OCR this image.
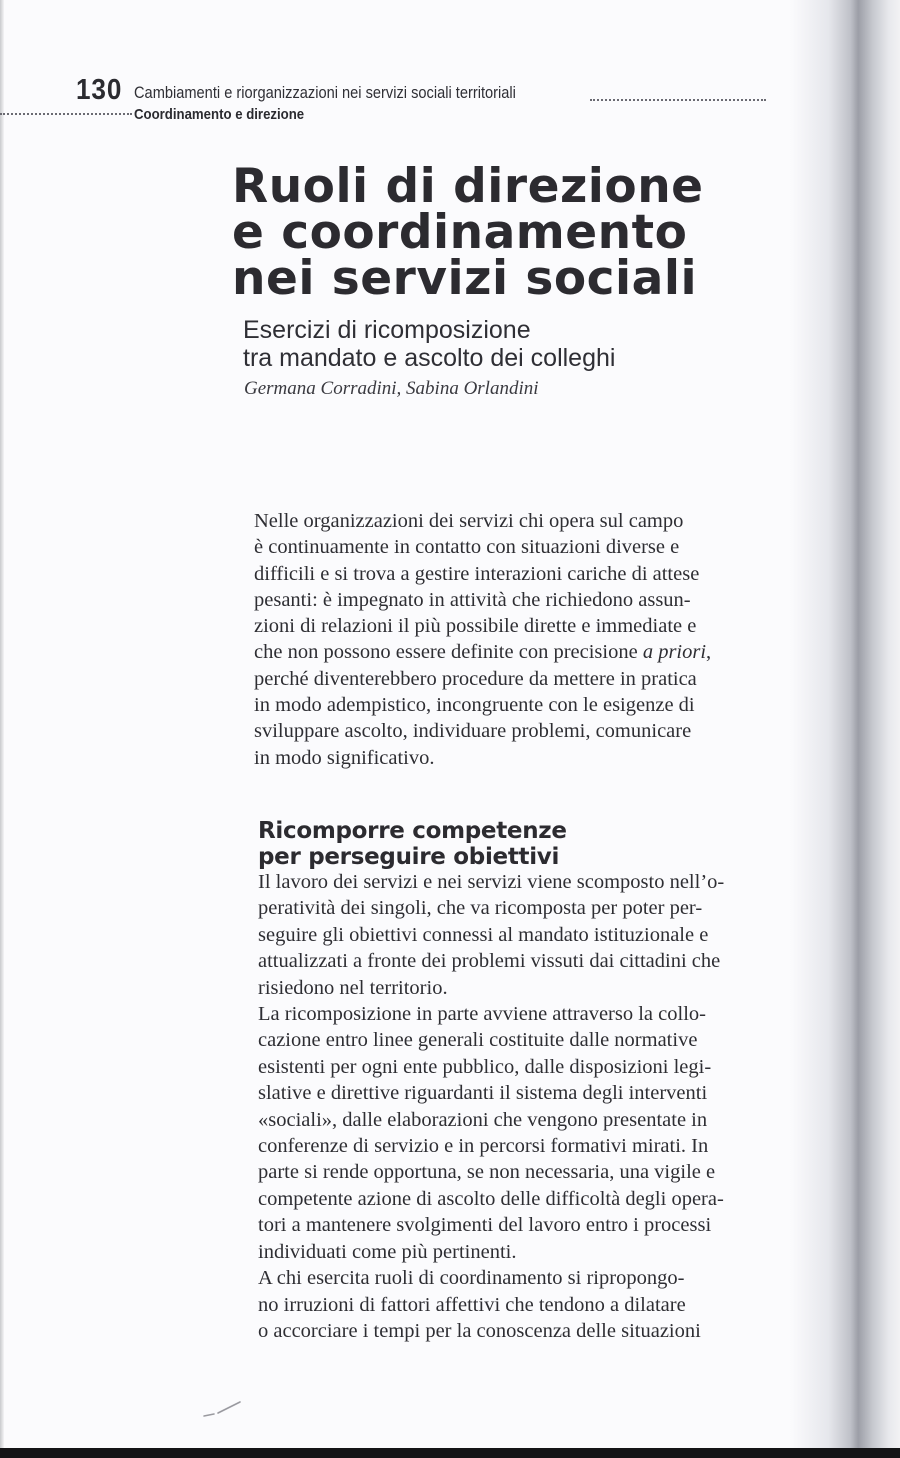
130 Cambiamenti e riorganizzazioni nei servizi sociali territoriali
Coordinamento e direzione
Ruoli di direzione
e coordinamento
nei servizi sociali
Esercizi di ricomposizione
tra mandato e ascolto dei colleghi
Germana Corradini, Sabina Orlandini
Nelle organizzazioni dei servizi chi opera sul campo
è continuamente in contatto con situazioni diverse e
difficili e si trova a gestire interazioni cariche di attese
pesanti: è impegnato in attività che richiedono assun-
zioni di relazioni il più possibile dirette e immediate e
che non possono essere definite con precisione a priori,
perché diventerebbero procedure da mettere in pratica
in modo adempistico, incongruente con le esigenze di
sviluppare ascolto, individuare problemi, comunicare
in modo significativo.
Ricomporre competenze
per perseguire obiettivi
Il lavoro dei servizi e nei servizi viene scomposto nell’o-
peratività dei singoli, che va ricomposta per poter per-
seguire gli obiettivi connessi al mandato istituzionale e
attualizzati a fronte dei problemi vissuti dai cittadini che
risiedono nel territorio.
La ricomposizione in parte avviene attraverso la collo-
cazione entro linee generali costituite dalle normative
esistenti per ogni ente pubblico, dalle disposizioni legi-
slative e direttive riguardanti il sistema degli interventi
«sociali», dalle elaborazioni che vengono presentate in
conferenze di servizio e in percorsi formativi mirati. In
parte si rende opportuna, se non necessaria, una vigile e
competente azione di ascolto delle difficoltà degli opera-
tori a mantenere svolgimenti del lavoro entro i processi
individuati come più pertinenti.
A chi esercita ruoli di coordinamento si ripropongo-
no irruzioni di fattori affettivi che tendono a dilatare
o accorciare i tempi per la conoscenza delle situazioni
